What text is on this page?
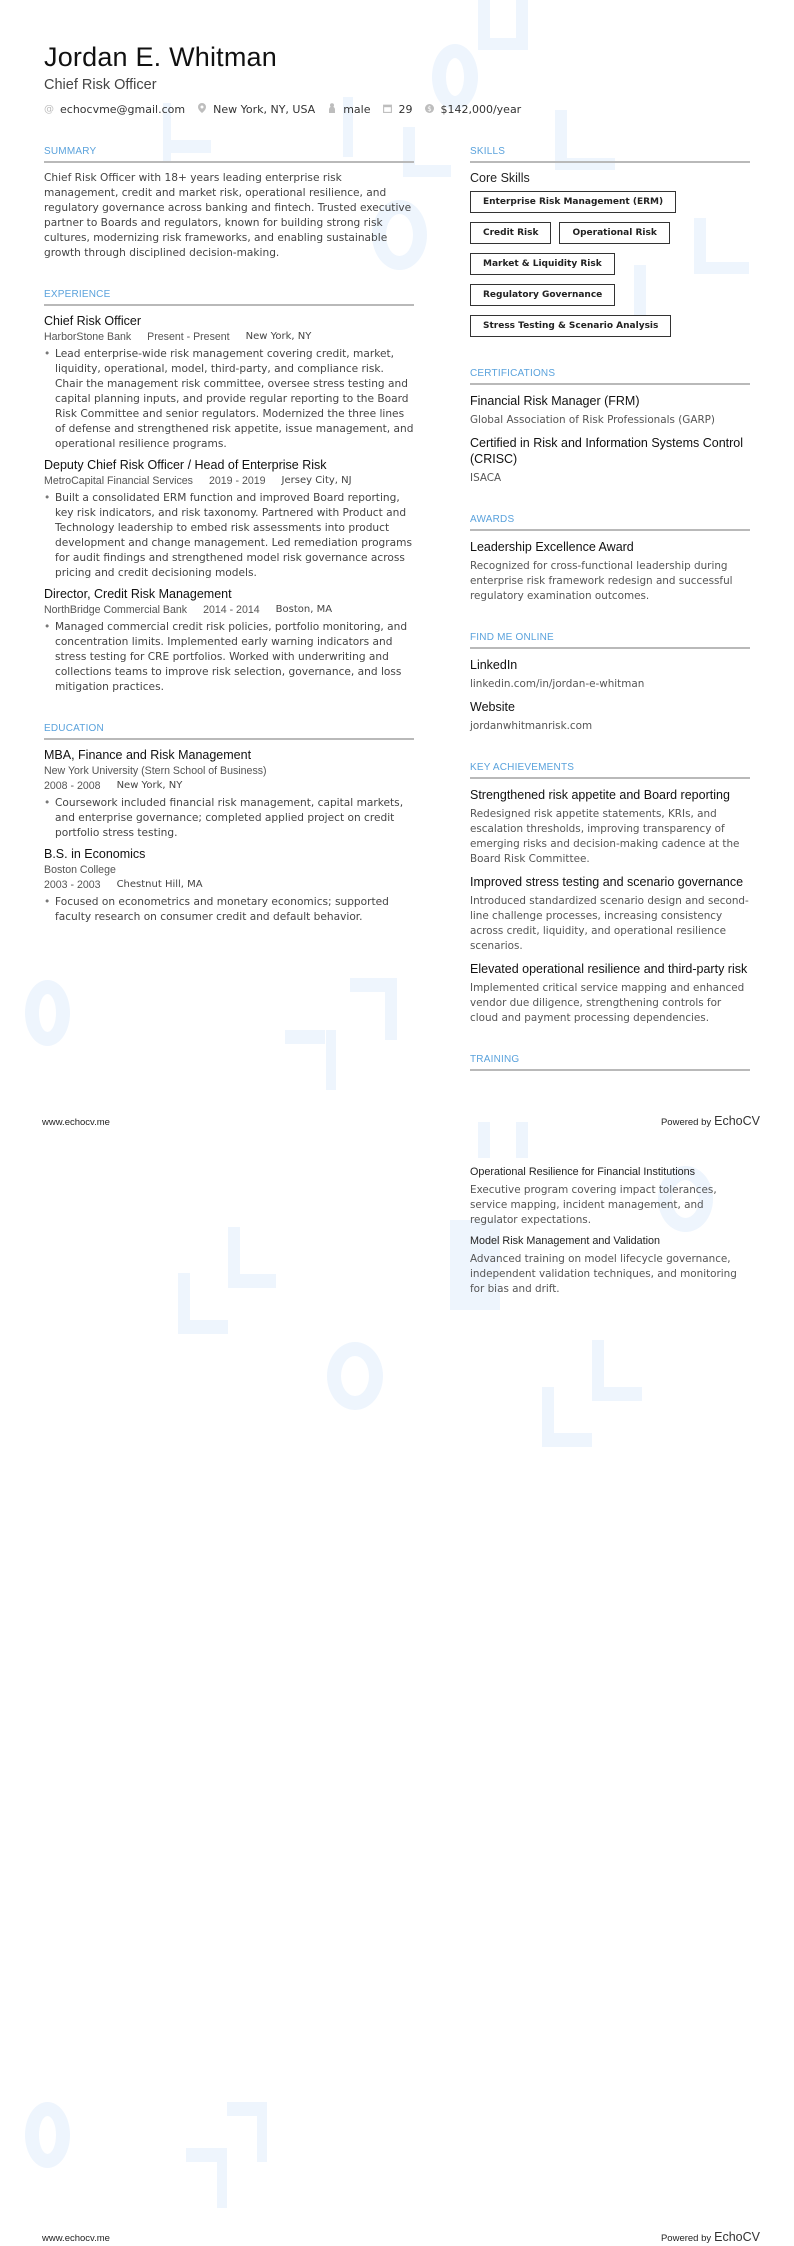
Jordan E. Whitman
Chief Risk Officer
@ echocvme@gmail.com	New York, NY, USA	male	29 $ $142,000/year
SUMMARY
Chief Risk Officer with 18+ years leading enterprise risk management, credit and market risk, operational resilience, and regulatory governance across banking and fintech. Trusted executive partner to Boards and regulators, known for building strong risk cultures, modernizing risk frameworks, and enabling sustainable growth through disciplined decision-making.
EXPERIENCE
Chief Risk Officer
HarborStone Bank Present - Present New York, NY
• Lead enterprise-wide risk management covering credit, market, liquidity, operational, model, third-party, and compliance risk. Chair the management risk committee, oversee stress testing and capital planning inputs, and provide regular reporting to the Board Risk Committee and senior regulators. Modernized the three lines of defense and strengthened risk appetite, issue management, and operational resilience programs.
Deputy Chief Risk Officer / Head of Enterprise Risk
MetroCapital Financial Services 2019 - 2019 Jersey City, NJ
• Built a consolidated ERM function and improved Board reporting, key risk indicators, and risk taxonomy. Partnered with Product and Technology leadership to embed risk assessments into product development and change management. Led remediation programs for audit findings and strengthened model risk governance across pricing and credit decisioning models.
Director, Credit Risk Management
NorthBridge Commercial Bank 2014 - 2014 Boston, MA
• Managed commercial credit risk policies, portfolio monitoring, and concentration limits. Implemented early warning indicators and stress testing for CRE portfolios. Worked with underwriting and collections teams to improve risk selection, governance, and loss mitigation practices.
EDUCATION
MBA, Finance and Risk Management
New York University (Stern School of Business)
2008 - 2008 New York, NY
• Coursework included financial risk management, capital markets, and enterprise governance; completed applied project on credit portfolio stress testing.
B.S. in Economics
Boston College
2003 - 2003 Chestnut Hill, MA
• Focused on econometrics and monetary economics; supported faculty research on consumer credit and default behavior.
SKILLS
Core Skills
Enterprise Risk Management (ERM)
Credit Risk	Operational Risk
Market & Liquidity Risk
Regulatory Governance
Stress Testing & Scenario Analysis
CERTIFICATIONS
Financial Risk Manager (FRM)
Global Association of Risk Professionals (GARP)
Certified in Risk and Information Systems Control (CRISC)
ISACA
AWARDS
Leadership Excellence Award
Recognized for cross-functional leadership during enterprise risk framework redesign and successful regulatory examination outcomes.
FIND ME ONLINE
LinkedIn
linkedin.com/in/jordan-e-whitman
Website
jordanwhitmanrisk.com
KEY ACHIEVEMENTS
Strengthened risk appetite and Board reporting
Redesigned risk appetite statements, KRIs, and escalation thresholds, improving transparency of emerging risks and decision-making cadence at the Board Risk Committee.
Improved stress testing and scenario governance
Introduced standardized scenario design and second-line challenge processes, increasing consistency across credit, liquidity, and operational resilience scenarios.
Elevated operational resilience and third-party risk
Implemented critical service mapping and enhanced vendor due diligence, strengthening controls for cloud and payment processing dependencies.
TRAINING
www.echocv.me	Powered by EchoCV
Operational Resilience for Financial Institutions
Executive program covering impact tolerances, service mapping, incident management, and regulator expectations.
Model Risk Management and Validation
Advanced training on model lifecycle governance, independent validation techniques, and monitoring for bias and drift.
www.echocv.me	Powered by EchoCV
